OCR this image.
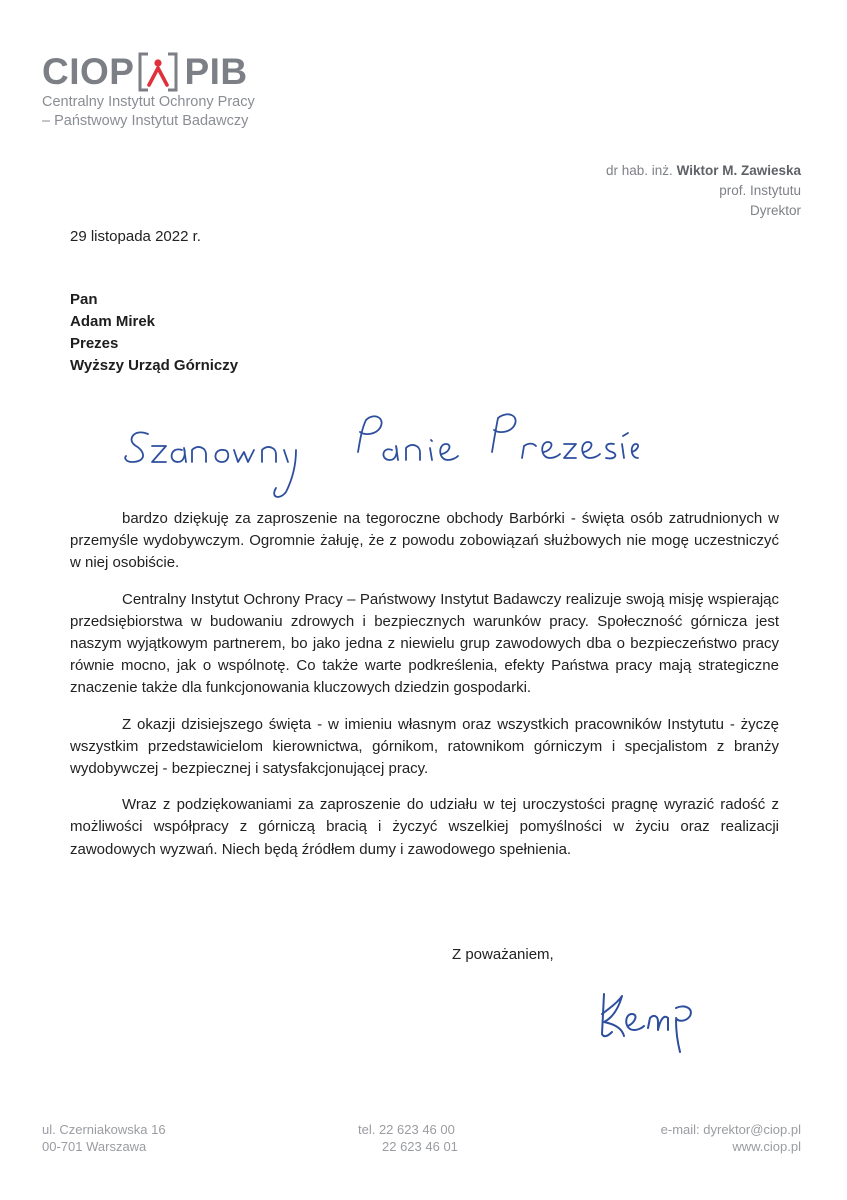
CIOP PIB
Centralny Instytut Ochrony Pracy
– Państwowy Instytut Badawczy
dr hab. inż. Wiktor M. Zawieska
prof. Instytutu
Dyrektor
29 listopada 2022 r.
Pan
Adam Mirek
Prezes
Wyższy Urząd Górniczy

bardzo dziękuję za zaproszenie na tegoroczne obchody Barbórki - święta osób zatrudnionych w przemyśle wydobywczym. Ogromnie żałuję, że z powodu zobowiązań służbowych nie mogę uczestniczyć w niej osobiście.

Centralny Instytut Ochrony Pracy – Państwowy Instytut Badawczy realizuje swoją misję wspierając przedsiębiorstwa w budowaniu zdrowych i bezpiecznych warunków pracy. Społeczność górnicza jest naszym wyjątkowym partnerem, bo jako jedna z niewielu grup zawodowych dba o bezpieczeństwo pracy równie mocno, jak o wspólnotę. Co także warte podkreślenia, efekty Państwa pracy mają strategiczne znaczenie także dla funkcjonowania kluczowych dziedzin gospodarki.

Z okazji dzisiejszego święta - w imieniu własnym oraz wszystkich pracowników Instytutu - życzę wszystkim przedstawicielom kierownictwa, górnikom, ratownikom górniczym i specjalistom z branży wydobywczej - bezpiecznej i satysfakcjonującej pracy.

Wraz z podziękowaniami za zaproszenie do udziału w tej uroczystości pragnę wyrazić radość z możliwości współpracy z górniczą bracią i życzyć wszelkiej pomyślności w życiu oraz realizacji zawodowych wyzwań. Niech będą źródłem dumy i zawodowego spełnienia.

Z poważaniem,
ul. Czerniakowska 16
00-701 Warszawa
tel. 22 623 46 00
22 623 46 01
e-mail: dyrektor@ciop.pl
www.ciop.pl
